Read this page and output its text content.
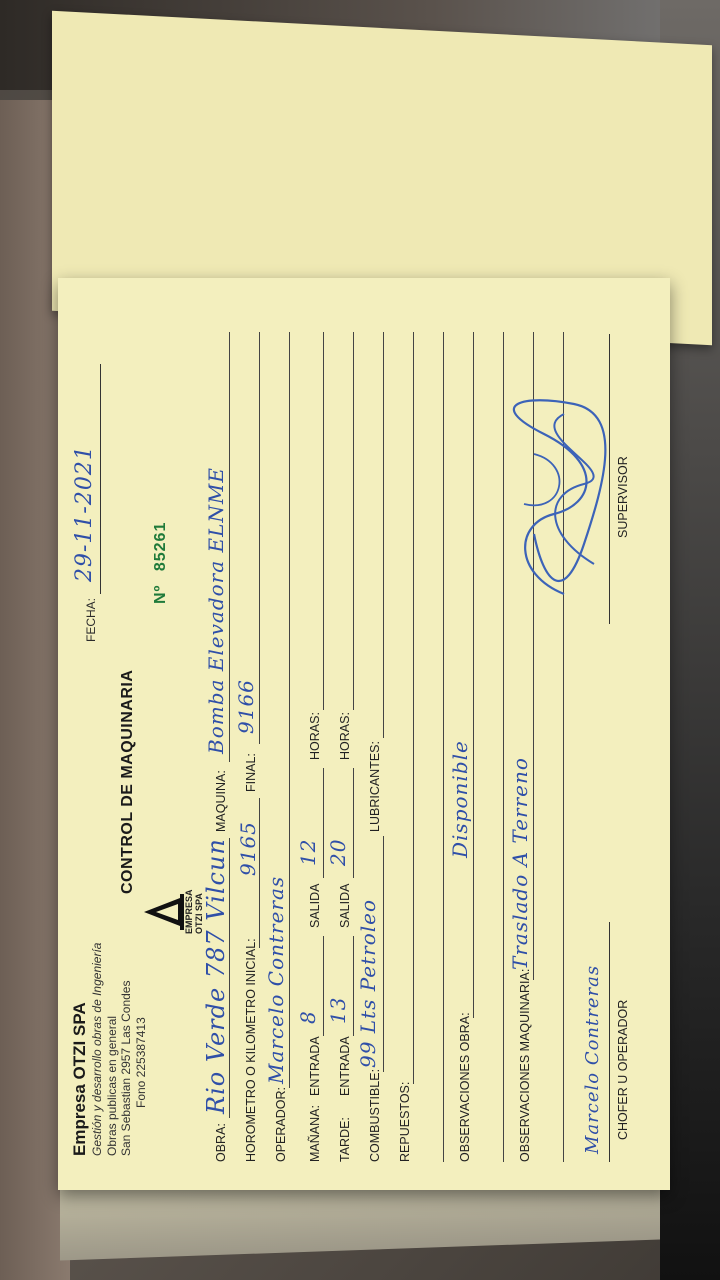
Empresa OTZI SPA Gestión y desarrollo obras de Ingeniería Obras publicas en general San Sebastian 2957 Las Condes Fono 225387413
EMPRESA OTZI SPA
FECHA:
29-11-2021
CONTROL DE MAQUINARIA
Nº 85261
OBRA:
Rio Verde 787 Vilcun
MAQUINA:
Bomba Elevadora ELNME
HOROMETRO O KILOMETRO INICIAL:
9165
FINAL:
9166
OPERADOR:
Marcelo Contreras
MAÑANA:
ENTRADA
8
SALIDA
12
HORAS:
TARDE:
ENTRADA
13
SALIDA
20
HORAS:
COMBUSTIBLE:
99 Lts Petroleo
LUBRICANTES:
REPUESTOS:	OBSERVACIONES OBRA:
Disponible
OBSERVACIONES MAQUINARIA:
Traslado A Terreno
Marcelo Contreras CHOFER U OPERADOR
SUPERVISOR
